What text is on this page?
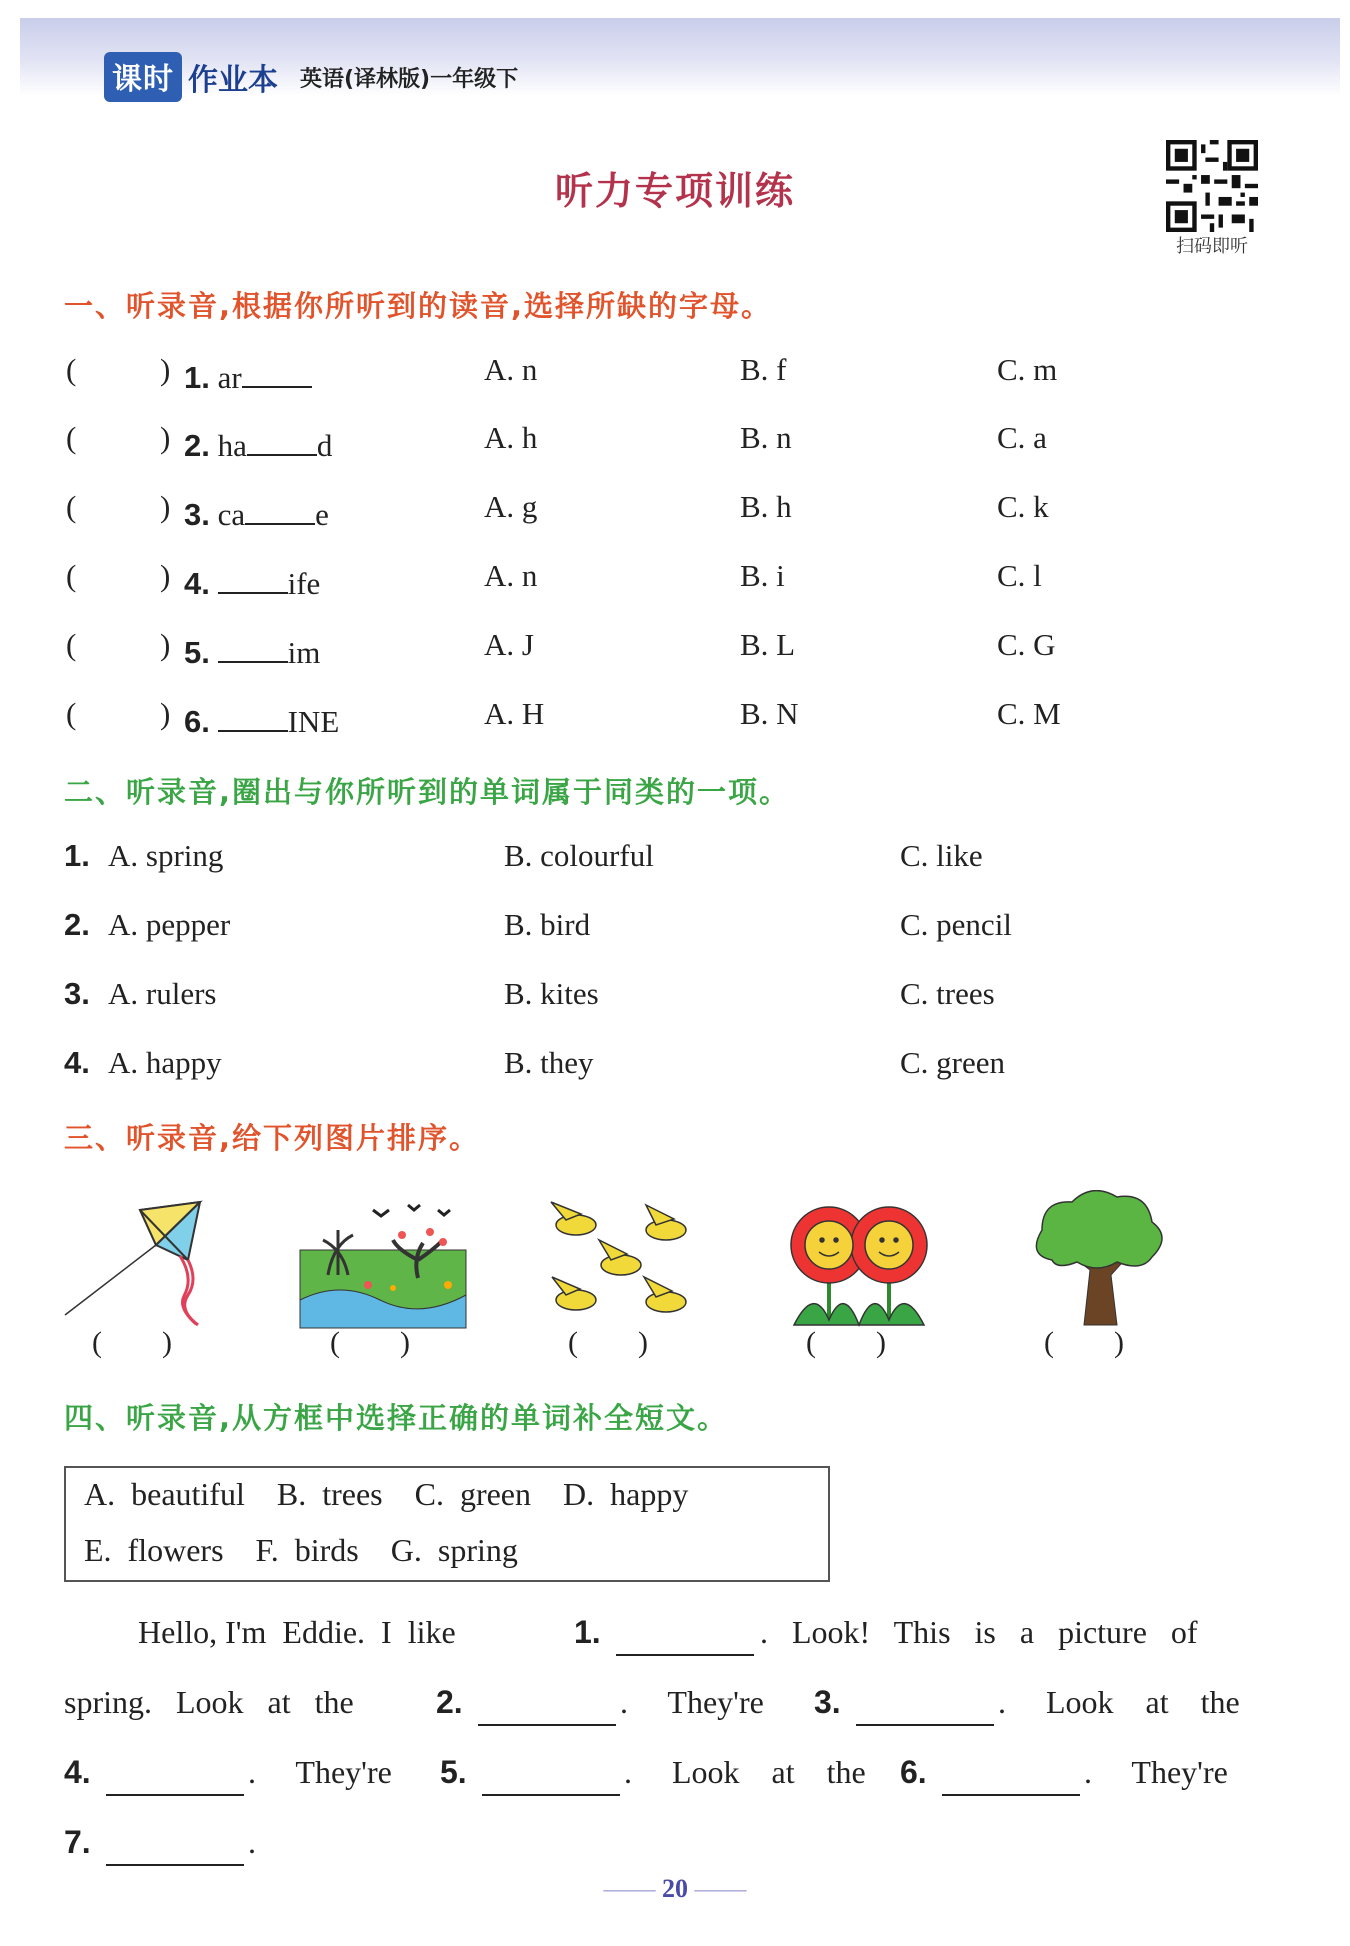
课时 作业本 英语(译林版)一年级下
听力专项训练
扫码即听
一、听录音,根据你所听到的读音,选择所缺的字母。
(	) 1. ar	A. n	B. f	C. m
(	) 2. ha d	A. h	B. n	C. a
(	) 3. ca e	A. g	B. h	C. k
(	) 4.	ife	A. n	B. i	C. l
(	) 5.	im	A. J	B. L	C. G
(	) 6.	INE	A. H	B. N	C. M
二、听录音,圈出与你所听到的单词属于同类的一项。
1. A. spring	B. colourful	C. like
2. A. pepper	B. bird	C. pencil
3. A. rulers	B. kites	C. trees
4. A. happy	B. they	C. green
三、听录音,给下列图片排序。
(   )	(   )	(   )	(   )	(   )
四、听录音,从方框中选择正确的单词补全短文。
A.  beautiful    B.  trees    C.  green    D.  happy
E.  flowers    F.  birds    G.  spring
Hello, I'm  Eddie.  I  like	1.	.   Look!   This   is   a   picture   of
spring.   Look   at   the	2.	.     They're 3.	.     Look    at    the
4.	.     They're 5.	.     Look    at    the 6.	.     They're
7.	.
—— 20 ——
